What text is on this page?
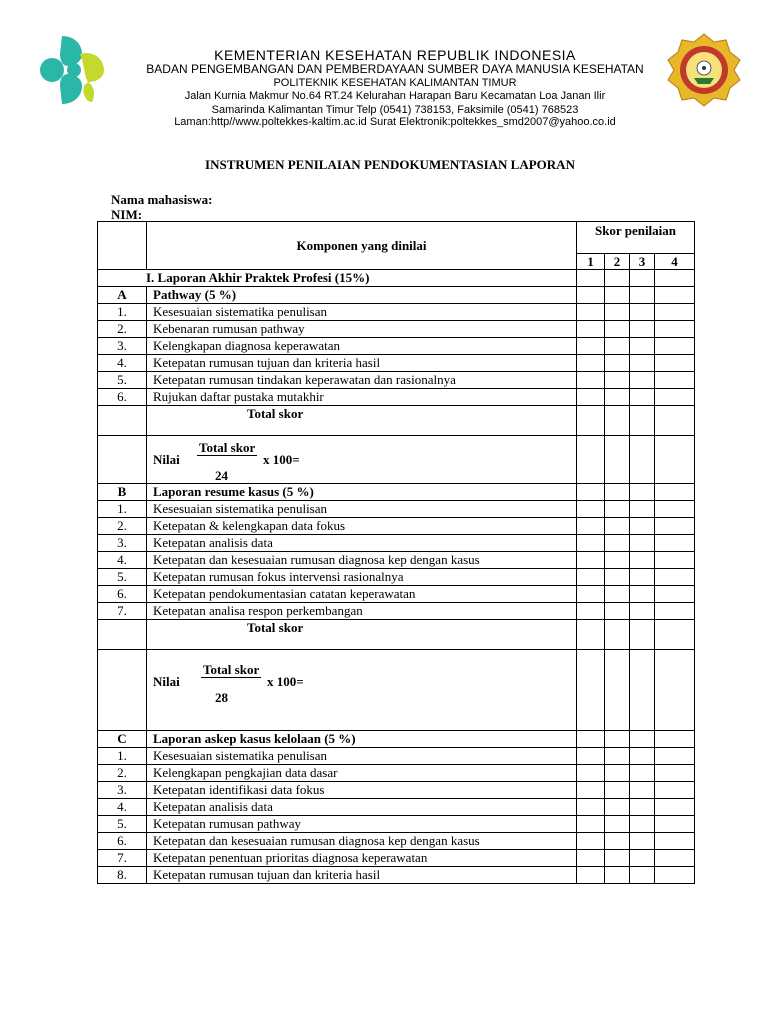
KEMENTERIAN KESEHATAN REPUBLIK INDONESIA
BADAN PENGEMBANGAN DAN PEMBERDAYAAN SUMBER DAYA MANUSIA KESEHATAN
POLITEKNIK KESEHATAN KALIMANTAN TIMUR
Jalan Kurnia Makmur No.64 RT.24 Kelurahan Harapan Baru Kecamatan Loa Janan Ilir
Samarinda Kalimantan Timur Telp (0541) 738153, Faksimile (0541) 768523
Laman:http//www.poltekkes-kaltim.ac.id Surat Elektronik:poltekkes_smd2007@yahoo.co.id
INSTRUMEN PENILAIAN PENDOKUMENTASIAN LAPORAN
Nama mahasiswa:
NIM:
	Komponen yang dinilai	Skor penilaian			
		1	2	3	4
I. Laporan Akhir Praktek Profesi (15%)					
A	Pathway (5 %)				
1.	Kesesuaian sistematika penulisan				
2.	Kebenaran rumusan pathway				
3.	Kelengkapan diagnosa keperawatan				
4.	Ketepatan rumusan tujuan dan kriteria hasil				
5.	Ketepatan rumusan tindakan keperawatan dan rasionalnya				
6.	Rujukan daftar pustaka mutakhir				
	Total skor				

	Nilai
Total skor
x 100=
24				

B	Laporan resume kasus (5 %)				
1.	Kesesuaian sistematika penulisan				
2.	Ketepatan & kelengkapan data fokus				
3.	Ketepatan analisis data				
4.	Ketepatan dan kesesuaian rumusan diagnosa kep dengan kasus				
5.	Ketepatan rumusan fokus intervensi rasionalnya				
6.	Ketepatan pendokumentasian catatan keperawatan				
7.	Ketepatan analisa respon perkembangan				
	Total skor				

	Nilai
Total skor
x 100=
28				

C	Laporan askep kasus kelolaan (5 %)				
1.	Kesesuaian sistematika penulisan				
2.	Kelengkapan pengkajian data dasar				
3.	Ketepatan identifikasi data fokus				
4.	Ketepatan analisis data				
5.	Ketepatan rumusan pathway				
6.	Ketepatan dan kesesuaian rumusan diagnosa kep dengan kasus				
7.	Ketepatan penentuan prioritas diagnosa keperawatan				
8.	Ketepatan rumusan tujuan dan kriteria hasil				
